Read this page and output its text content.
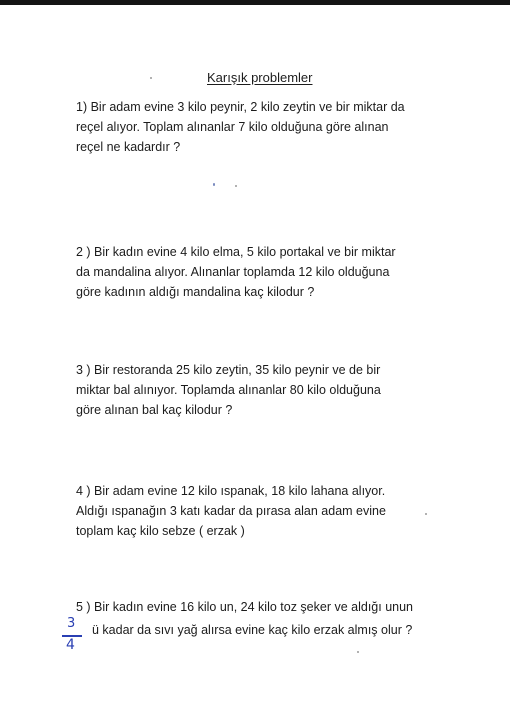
Karışık problemler
1) Bir adam evine 3 kilo peynir, 2 kilo zeytin ve bir miktar da
reçel alıyor. Toplam alınanlar 7 kilo olduğuna göre alınan
reçel ne kadardır ?
2 ) Bir kadın evine 4 kilo elma, 5 kilo portakal ve bir miktar
da mandalina alıyor. Alınanlar toplamda 12 kilo olduğuna
göre kadının aldığı mandalina kaç kilodur ?
3 ) Bir restoranda 25 kilo zeytin, 35 kilo peynir ve de bir
miktar bal alınıyor. Toplamda alınanlar 80 kilo olduğuna
göre alınan bal kaç kilodur ?
4 ) Bir adam evine 12 kilo ıspanak, 18 kilo lahana alıyor.
Aldığı ıspanağın 3 katı kadar da pırasa alan adam evine
toplam kaç kilo sebze ( erzak )
5 ) Bir kadın evine 16 kilo un, 24 kilo toz şeker ve aldığı unun
3
4
ü kadar da sıvı yağ alırsa evine kaç kilo erzak almış olur ?
